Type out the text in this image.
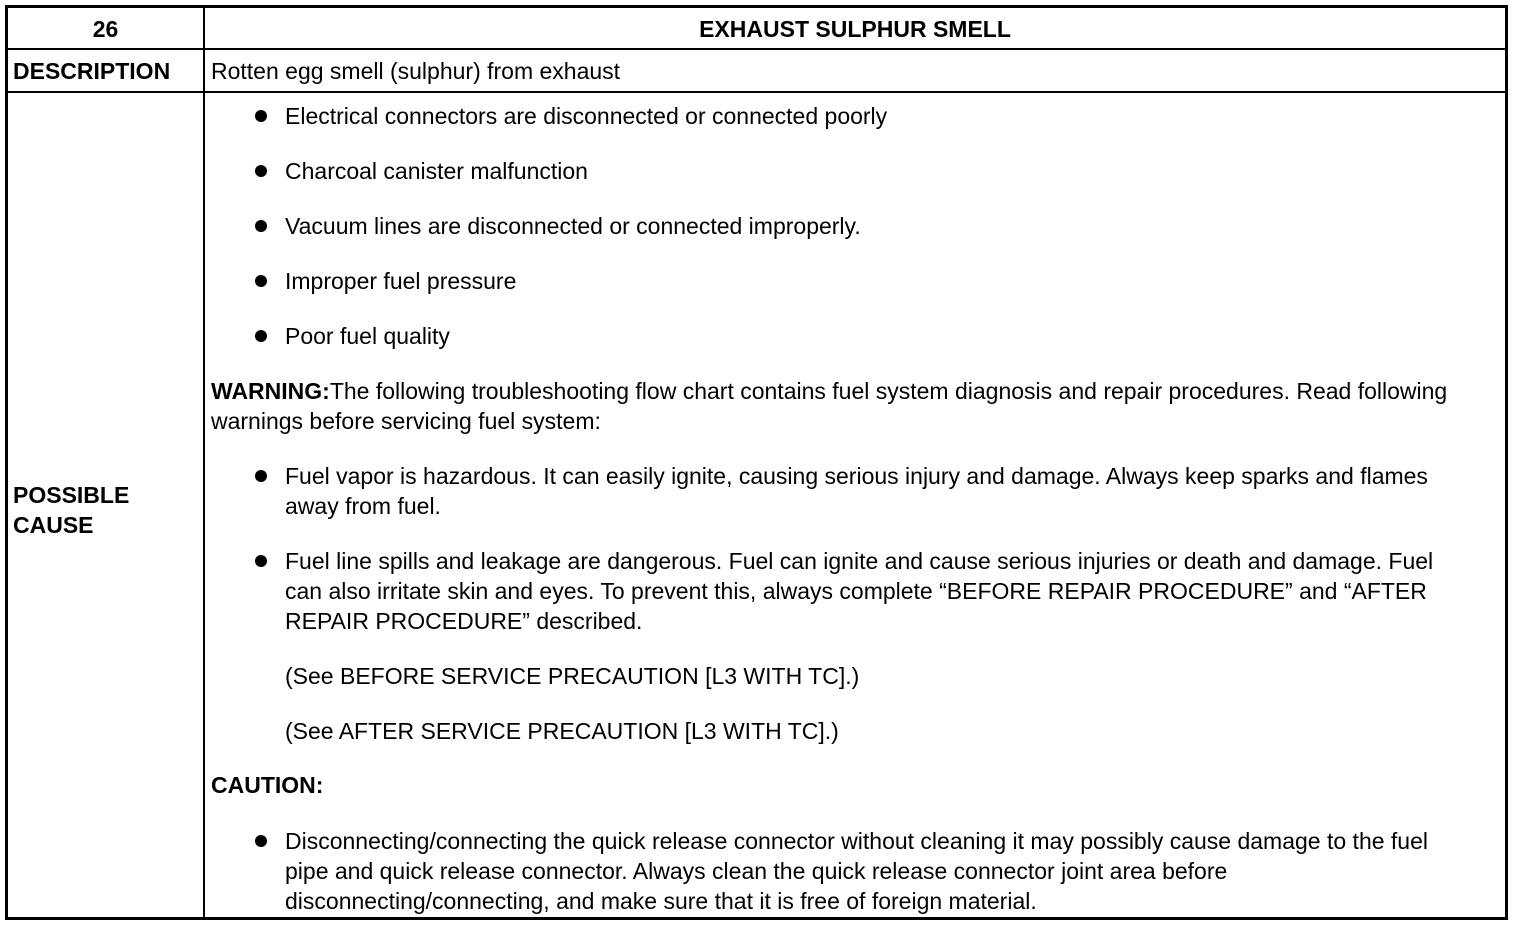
26	EXHAUST SULPHUR SMELL
DESCRIPTION	Rotten egg smell (sulphur) from exhaust
POSSIBLE
CAUSE
Electrical connectors are disconnected or connected poorly
Charcoal canister malfunction
Vacuum lines are disconnected or connected improperly.
Improper fuel pressure
Poor fuel quality
WARNING:The following troubleshooting flow chart contains fuel system diagnosis and repair procedures. Read following warnings before servicing fuel system:
Fuel vapor is hazardous. It can easily ignite, causing serious injury and damage. Always keep sparks and flames away from fuel.
Fuel line spills and leakage are dangerous. Fuel can ignite and cause serious injuries or death and damage. Fuel can also irritate skin and eyes. To prevent this, always complete “BEFORE REPAIR PROCEDURE” and “AFTER REPAIR PROCEDURE” described.
(See BEFORE SERVICE PRECAUTION [L3 WITH TC].)
(See AFTER SERVICE PRECAUTION [L3 WITH TC].)
CAUTION:
Disconnecting/connecting the quick release connector without cleaning it may possibly cause damage to the fuel pipe and quick release connector. Always clean the quick release connector joint area before disconnecting/connecting, and make sure that it is free of foreign material.
